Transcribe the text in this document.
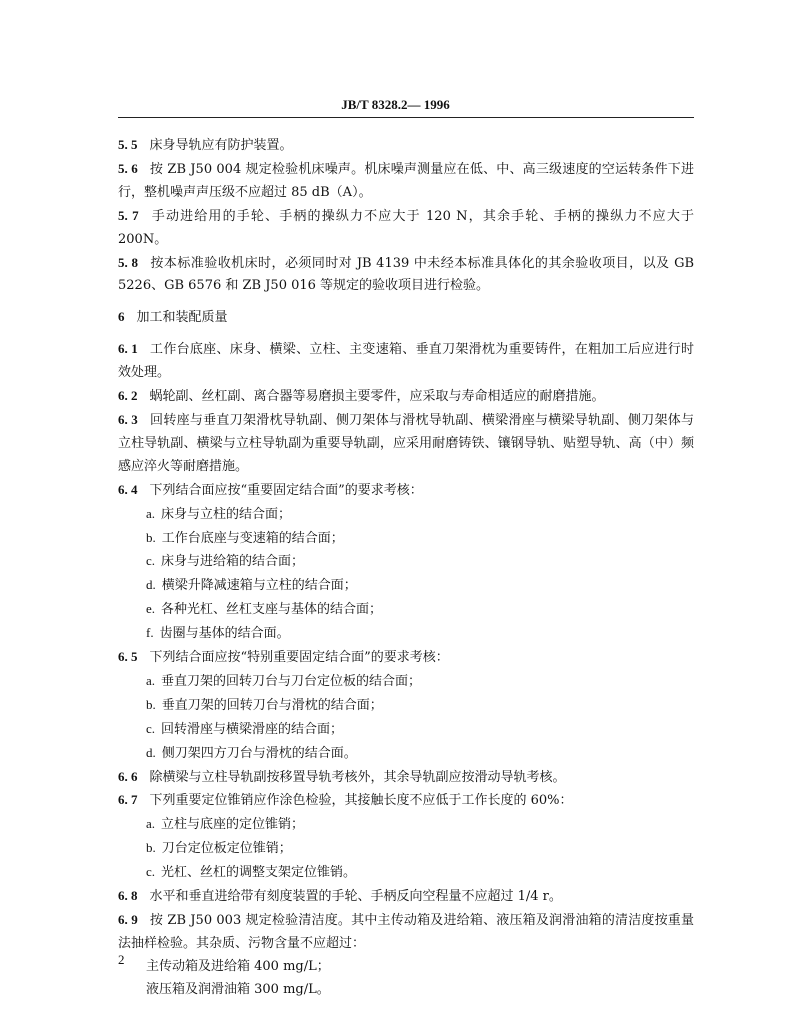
JB/T 8328.2— 1996

5. 5 床身导轨应有防护装置。

5. 6 按 ZB J50 004 规定检验机床噪声。机床噪声测量应在低、中、高三级速度的空运转条件下进行，整机噪声声压级不应超过 85 dB（A）。

5. 7 手动进给用的手轮、手柄的操纵力不应大于 120 N，其余手轮、手柄的操纵力不应大于 200N。

5. 8 按本标准验收机床时，必须同时对 JB 4139 中未经本标准具体化的其余验收项目，以及 GB 5226、GB 6576 和 ZB J50 016 等规定的验收项目进行检验。

6 加工和装配质量

6. 1 工作台底座、床身、横梁、立柱、主变速箱、垂直刀架滑枕为重要铸件，在粗加工后应进行时效处理。

6. 2 蜗轮副、丝杠副、离合器等易磨损主要零件，应采取与寿命相适应的耐磨措施。

6. 3 回转座与垂直刀架滑枕导轨副、侧刀架体与滑枕导轨副、横梁滑座与横梁导轨副、侧刀架体与立柱导轨副、横梁与立柱导轨副为重要导轨副，应采用耐磨铸铁、镶钢导轨、贴塑导轨、高（中）频感应淬火等耐磨措施。

6. 4 下列结合面应按“重要固定结合面”的要求考核：

a. 床身与立柱的结合面；

b. 工作台底座与变速箱的结合面；

c. 床身与进给箱的结合面；

d. 横梁升降减速箱与立柱的结合面；

e. 各种光杠、丝杠支座与基体的结合面；

f. 齿圈与基体的结合面。

6. 5 下列结合面应按“特别重要固定结合面”的要求考核：

a. 垂直刀架的回转刀台与刀台定位板的结合面；

b. 垂直刀架的回转刀台与滑枕的结合面；

c. 回转滑座与横梁滑座的结合面；

d. 侧刀架四方刀台与滑枕的结合面。

6. 6 除横梁与立柱导轨副按移置导轨考核外，其余导轨副应按滑动导轨考核。

6. 7 下列重要定位锥销应作涂色检验，其接触长度不应低于工作长度的 60%：

a. 立柱与底座的定位锥销；

b. 刀台定位板定位锥销；

c. 光杠、丝杠的调整支架定位锥销。

6. 8 水平和垂直进给带有刻度装置的手轮、手柄反向空程量不应超过 1/4 r。

6. 9 按 ZB J50 003 规定检验清洁度。其中主传动箱及进给箱、液压箱及润滑油箱的清洁度按重量法抽样检验。其杂质、污物含量不应超过：

主传动箱及进给箱 400 mg/L；

液压箱及润滑油箱 300 mg/L。

2
